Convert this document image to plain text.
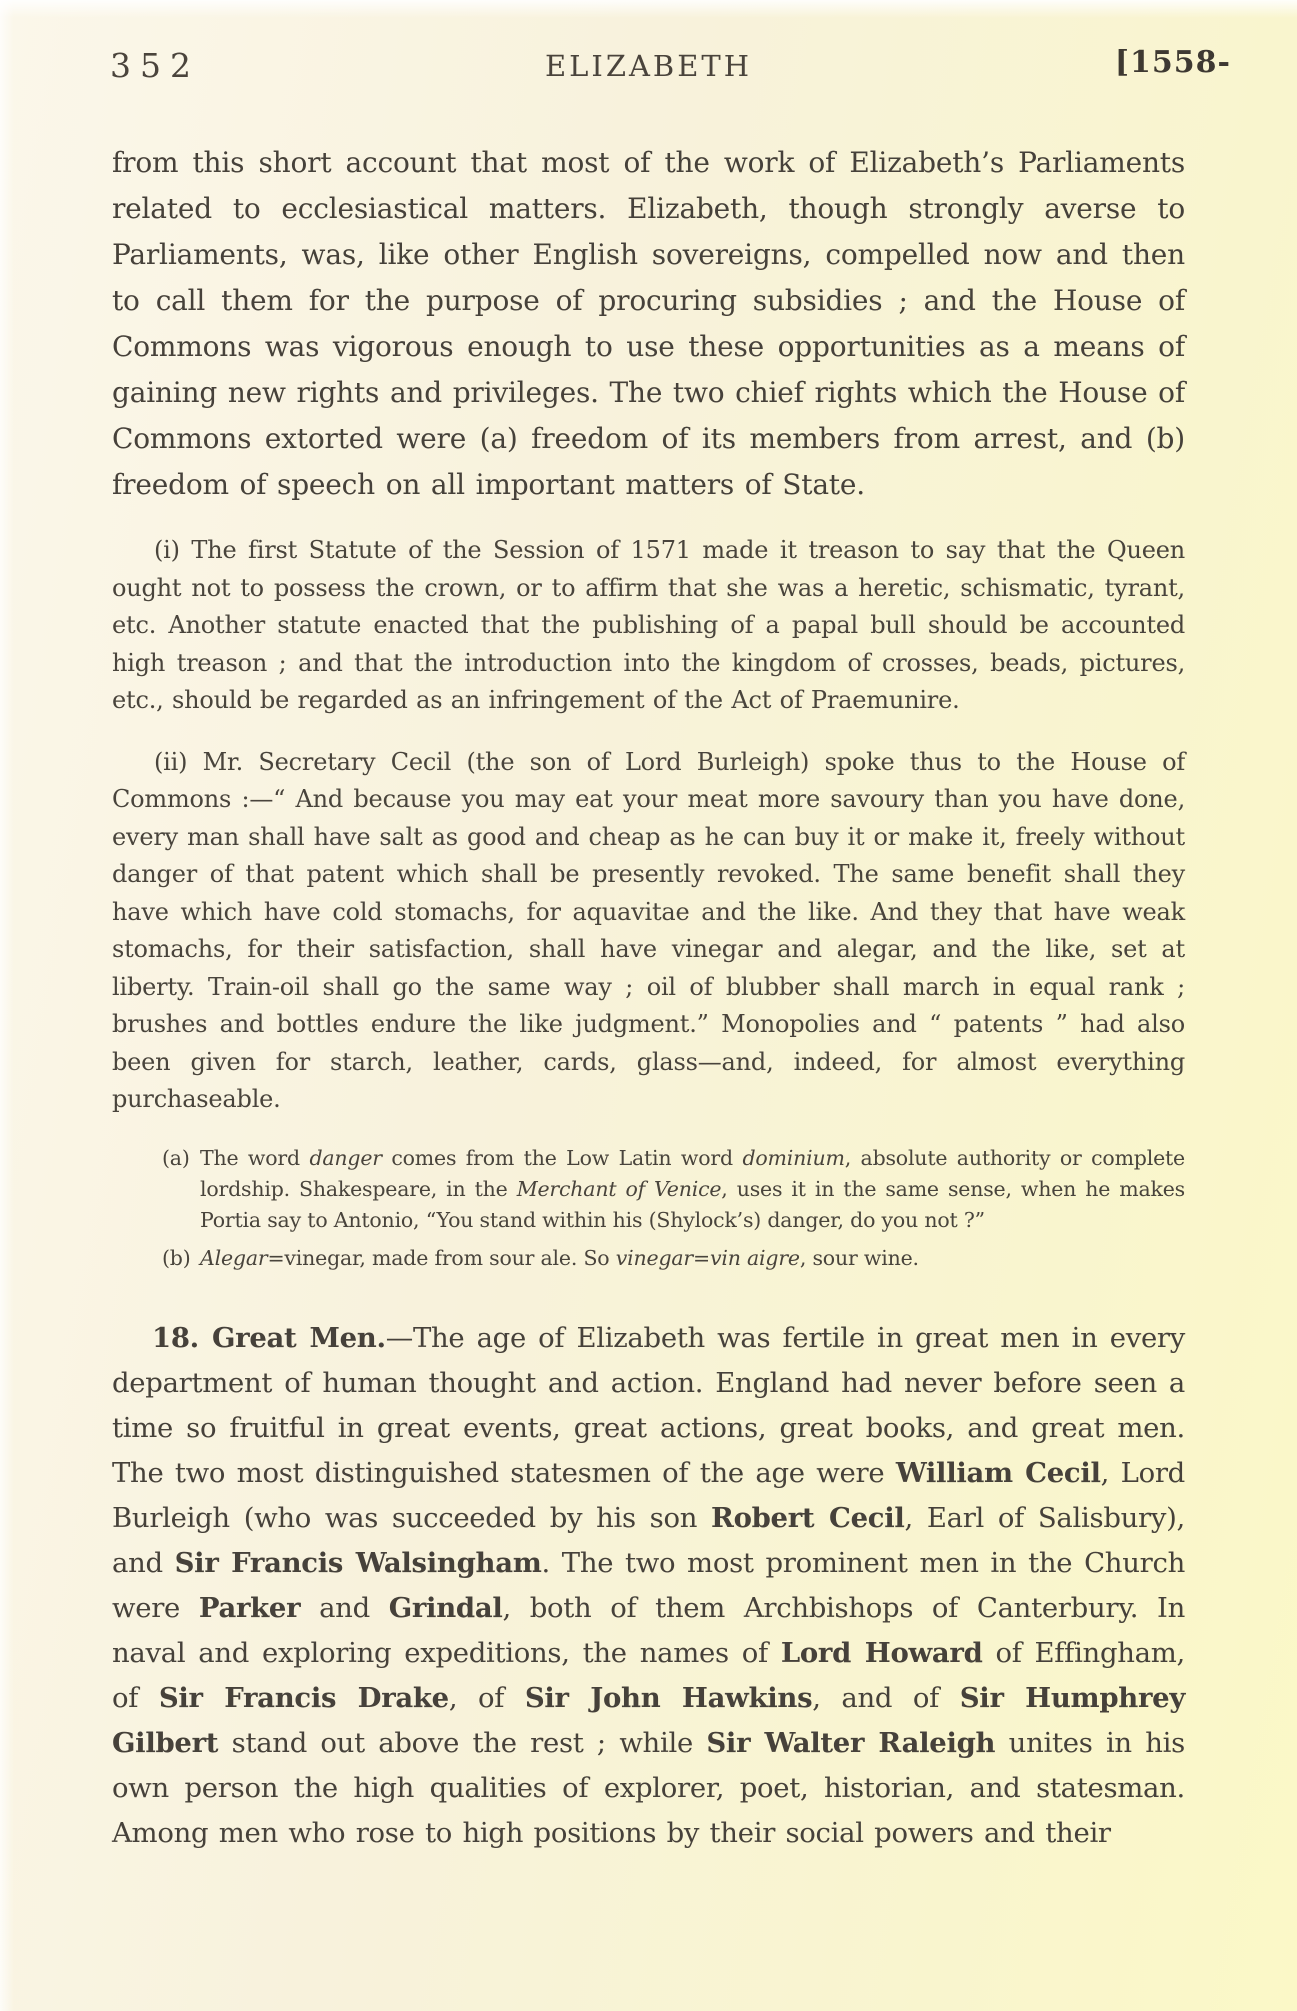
352	ELIZABETH	[1558-

from this short account that most of the work of Elizabeth’s Parliaments related to ecclesiastical matters. Elizabeth, though strongly averse to Parliaments, was, like other English sovereigns, compelled now and then to call them for the purpose of procuring subsidies ; and the House of Commons was vigorous enough to use these opportunities as a means of gaining new rights and privileges. The two chief rights which the House of Commons extorted were (a) freedom of its members from arrest, and (b) freedom of speech on all important matters of State.

(i) The first Statute of the Session of 1571 made it treason to say that the Queen ought not to possess the crown, or to affirm that she was a heretic, schismatic, tyrant, etc. Another statute enacted that the publishing of a papal bull should be accounted high treason ; and that the introduction into the kingdom of crosses, beads, pictures, etc., should be regarded as an infringement of the Act of Praemunire.

(ii) Mr. Secretary Cecil (the son of Lord Burleigh) spoke thus to the House of Commons :—“ And because you may eat your meat more savoury than you have done, every man shall have salt as good and cheap as he can buy it or make it, freely without danger of that patent which shall be presently revoked. The same benefit shall they have which have cold stomachs, for aquavitae and the like. And they that have weak stomachs, for their satisfaction, shall have vinegar and alegar, and the like, set at liberty. Train-oil shall go the same way ; oil of blubber shall march in equal rank ; brushes and bottles endure the like judgment.” Monopolies and “ patents ” had also been given for starch, leather, cards, glass—and, indeed, for almost everything purchaseable.

(a) The word danger comes from the Low Latin word dominium, absolute authority or complete lordship. Shakespeare, in the Merchant of Venice, uses it in the same sense, when he makes Portia say to Antonio, “You stand within his (Shylock’s) danger, do you not ?”
(b) Alegar=vinegar, made from sour ale. So vinegar=vin aigre, sour wine.

18. Great Men.—The age of Elizabeth was fertile in great men in every department of human thought and action. England had never before seen a time so fruitful in great events, great actions, great books, and great men. The two most distinguished statesmen of the age were William Cecil, Lord Burleigh (who was succeeded by his son Robert Cecil, Earl of Salisbury), and Sir Francis Walsingham. The two most prominent men in the Church were Parker and Grindal, both of them Archbishops of Canterbury. In naval and exploring expeditions, the names of Lord Howard of Effingham, of Sir Francis Drake, of Sir John Hawkins, and of Sir Humphrey Gilbert stand out above the rest ; while Sir Walter Raleigh unites in his own person the high qualities of explorer, poet, historian, and statesman. Among men who rose to high positions by their social powers and their
